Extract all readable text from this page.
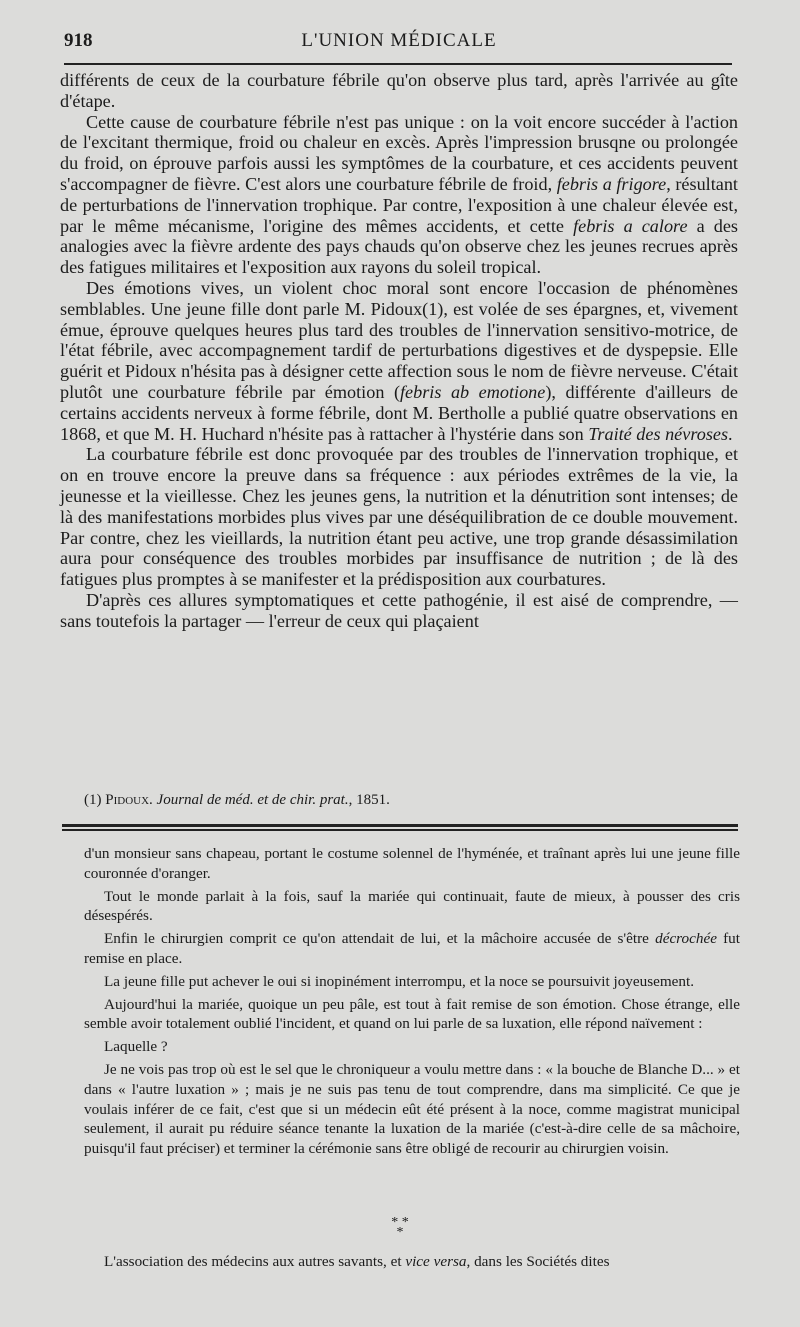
918	L'UNION MÉDICALE

différents de ceux de la courbature fébrile qu'on observe plus tard, après l'arrivée au gîte d'étape.

Cette cause de courbature fébrile n'est pas unique : on la voit encore succéder à l'action de l'excitant thermique, froid ou chaleur en excès. Après l'impression brusqne ou prolongée du froid, on éprouve parfois aussi les symptômes de la courbature, et ces accidents peuvent s'accompagner de fièvre. C'est alors une courbature fébrile de froid, febris a frigore, résultant de perturbations de l'innervation trophique. Par contre, l'exposition à une chaleur élevée est, par le même mécanisme, l'origine des mêmes accidents, et cette febris a calore a des analogies avec la fièvre ardente des pays chauds qu'on observe chez les jeunes recrues après des fatigues militaires et l'exposition aux rayons du soleil tropical.

Des émotions vives, un violent choc moral sont encore l'occasion de phénomènes semblables. Une jeune fille dont parle M. Pidoux(1), est volée de ses épargnes, et, vivement émue, éprouve quelques heures plus tard des troubles de l'innervation sensitivo-motrice, de l'état fébrile, avec accompagnement tardif de perturbations digestives et de dyspepsie. Elle guérit et Pidoux n'hésita pas à désigner cette affection sous le nom de fièvre nerveuse. C'était plutôt une courbature fébrile par émotion (febris ab emotione), différente d'ailleurs de certains accidents nerveux à forme fébrile, dont M. Bertholle a publié quatre observations en 1868, et que M. H. Huchard n'hésite pas à rattacher à l'hystérie dans son Traité des névroses.

La courbature fébrile est donc provoquée par des troubles de l'innervation trophique, et on en trouve encore la preuve dans sa fréquence : aux périodes extrêmes de la vie, la jeunesse et la vieillesse. Chez les jeunes gens, la nutrition et la dénutrition sont intenses; de là des manifestations morbides plus vives par une déséquilibration de ce double mouvement. Par contre, chez les vieillards, la nutrition étant peu active, une trop grande désassimilation aura pour conséquence des troubles morbides par insuffisance de nutrition ; de là des fatigues plus promptes à se manifester et la prédisposition aux courbatures.

D'après ces allures symptomatiques et cette pathogénie, il est aisé de comprendre, — sans toutefois la partager — l'erreur de ceux qui plaçaient

(1) Pidoux. Journal de méd. et de chir. prat., 1851.

d'un monsieur sans chapeau, portant le costume solennel de l'hyménée, et traînant après lui une jeune fille couronnée d'oranger.

Tout le monde parlait à la fois, sauf la mariée qui continuait, faute de mieux, à pousser des cris désespérés.

Enfin le chirurgien comprit ce qu'on attendait de lui, et la mâchoire accusée de s'être décrochée fut remise en place.

La jeune fille put achever le oui si inopinément interrompu, et la noce se poursuivit joyeusement.

Aujourd'hui la mariée, quoique un peu pâle, est tout à fait remise de son émotion. Chose étrange, elle semble avoir totalement oublié l'incident, et quand on lui parle de sa luxation, elle répond naïvement :

Laquelle ?

Je ne vois pas trop où est le sel que le chroniqueur a voulu mettre dans : « la bouche de Blanche D... » et dans « l'autre luxation » ; mais je ne suis pas tenu de tout comprendre, dans ma simplicité. Ce que je voulais inférer de ce fait, c'est que si un médecin eût été présent à la noce, comme magistrat municipal seulement, il aurait pu réduire séance tenante la luxation de la mariée (c'est-à-dire celle de sa mâchoire, puisqu'il faut préciser) et terminer la cérémonie sans être obligé de recourir au chirurgien voisin.

* *
*
L'association des médecins aux autres savants, et vice versa, dans les Sociétés dites
